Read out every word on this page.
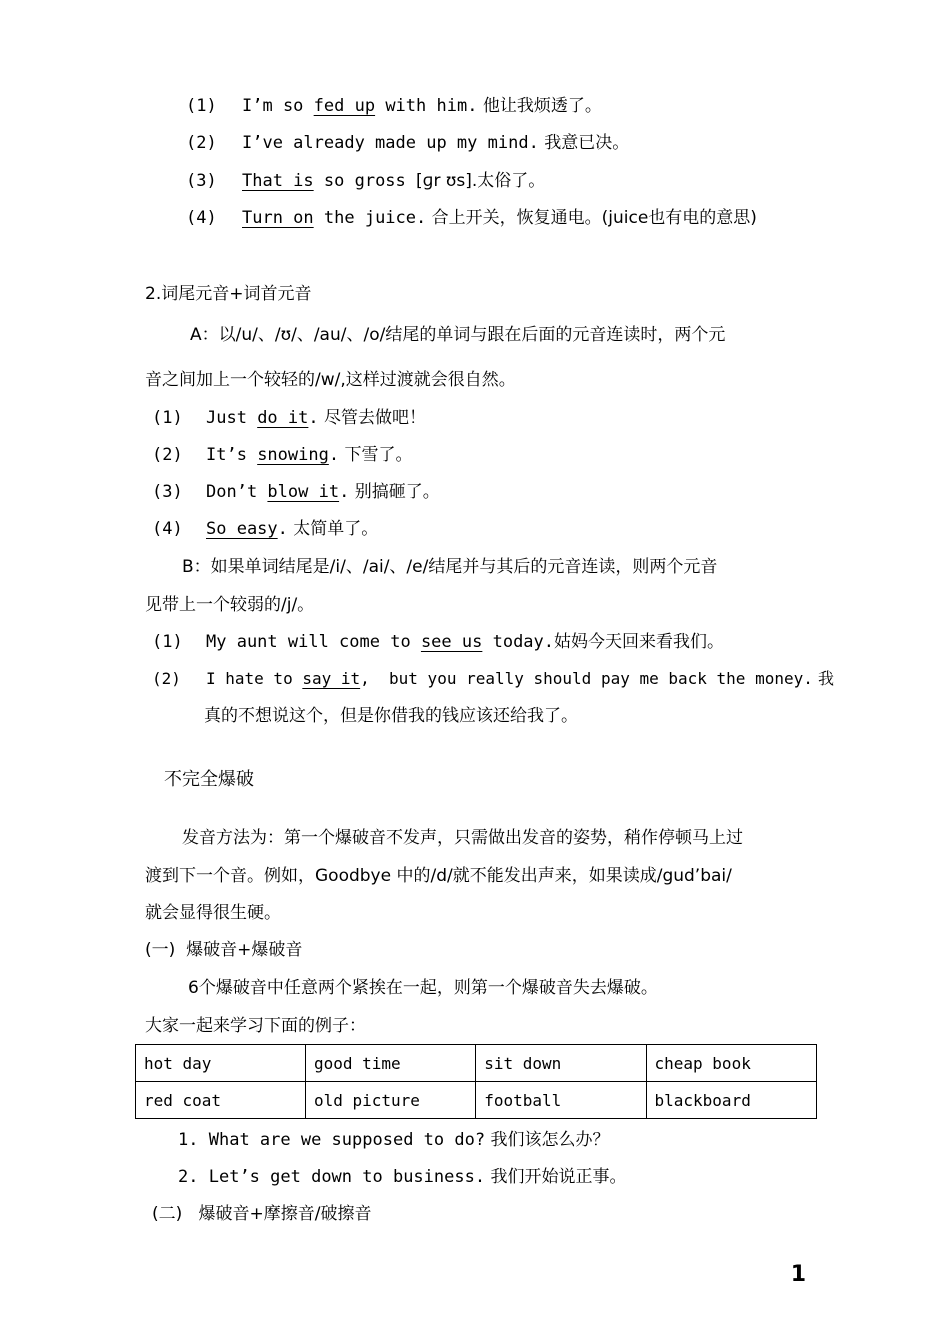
(1) I’m so fed up with him. 他让我烦透了。
(2) I’ve already made up my mind. 我意已决。
(3) That is so gross [ɡr ʊs].太俗了。
(4) Turn on the juice. 合上开关，恢复通电。(juice也有电的意思)
2.词尾元音+词首元音
A：以/u/、/ʊ/、/au/、/o/结尾的单词与跟在后面的元音连读时，两个元
音之间加上一个较轻的/w/,这样过渡就会很自然。
(1) Just do it. 尽管去做吧！
(2) It’s snowing. 下雪了。
(3) Don’t blow it. 别搞砸了。
(4) So easy. 太简单了。
B：如果单词结尾是/i/、/ai/、/e/结尾并与其后的元音连读，则两个元音
见带上一个较弱的/j/。
(1) My aunt will come to see us today.姑妈今天回来看我们。
(2) I hate to say it,  but you really should pay me back the money. 我
真的不想说这个，但是你借我的钱应该还给我了。
不完全爆破
发音方法为：第一个爆破音不发声，只需做出发音的姿势，稍作停顿马上过
渡到下一个音。例如，Goodbye 中的/d/就不能发出声来，如果读成/gud’bai/
就会显得很生硬。
(一)  爆破音+爆破音
6个爆破音中任意两个紧挨在一起，则第一个爆破音失去爆破。
大家一起来学习下面的例子：
hot day	good time	sit down	cheap book
red coat	old picture	football	blackboard
1. What are we supposed to do? 我们该怎么办？
2. Let’s get down to business. 我们开始说正事。
(二)   爆破音+摩擦音/破擦音
1
